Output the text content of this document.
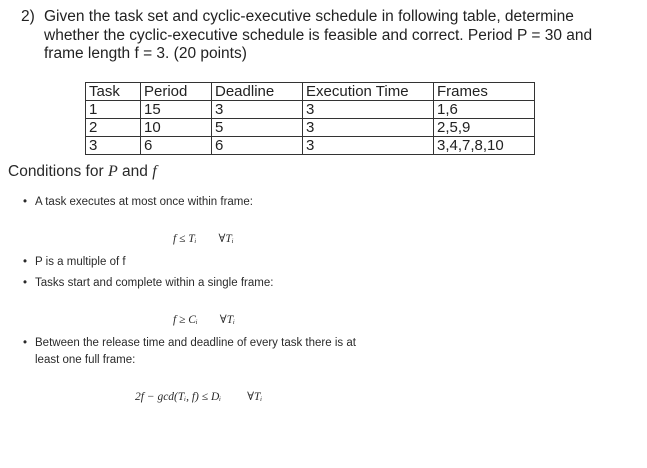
2) Given the task set and cyclic-executive schedule in following table, determine
whether the cyclic-executive schedule is feasible and correct. Period P = 30 and
frame length f = 3. (20 points)
Task	Period	Deadline	Execution Time	Frames
1	15	3	3	1,6
2	10	5	3	2,5,9
3	6	6	3	3,4,7,8,10
Conditions for P and f
• A task executes at most once within frame:
f ≤ Tᵢ ∀Tᵢ
• P is a multiple of f
• Tasks start and complete within a single frame:
f ≥ Cᵢ ∀Tᵢ
• Between the release time and deadline of every task there is at
least one full frame:
2f − gcd(Tᵢ, f) ≤ Dᵢ ∀Tᵢ
